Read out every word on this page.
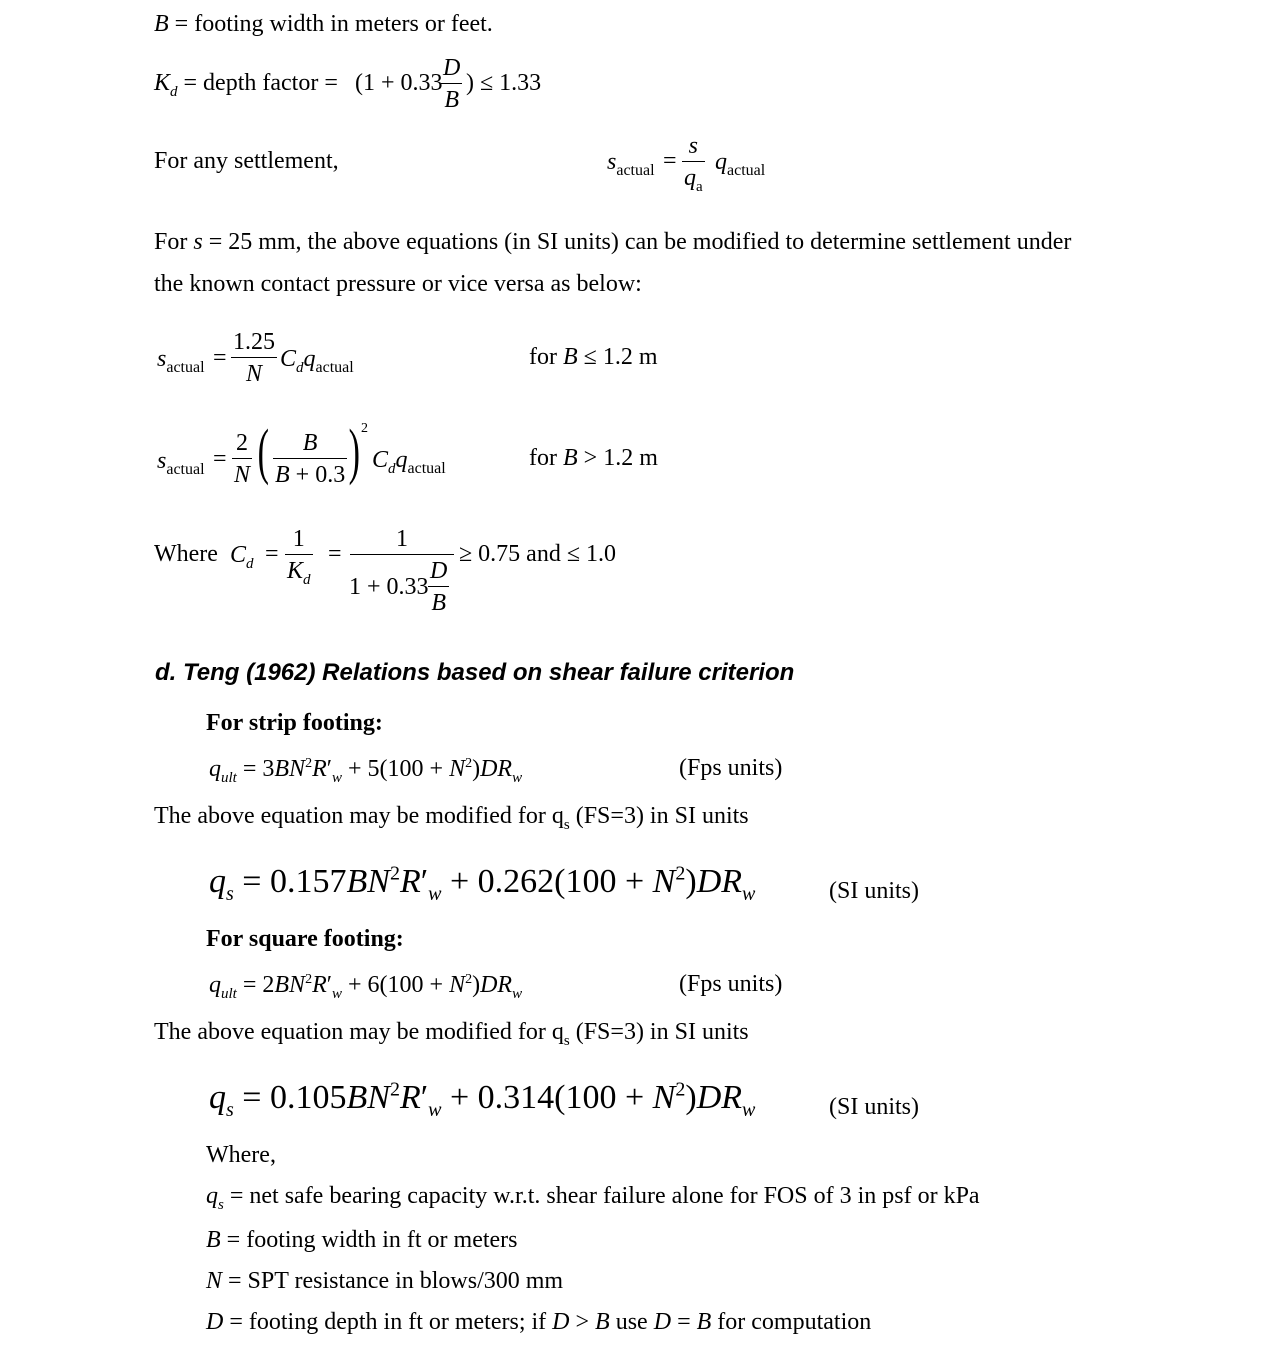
B = footing width in meters or feet.
$K_d$ = depth factor = (1 + 0.33
$\frac{D}{B}$ ) ≤ 1.33
For any settlement,	$s_{actual} = \frac{s}{q_a} q_{actual}$
For s = 25 mm, the above equations (in SI units) can be modified to determine settlement under
the known contact pressure or vice versa as below:
$s_{actual} = \frac{1.25}{N} C_dq_{actual}$	for B ≤ 1.2 m
$s_{actual} = \frac{2}{N}$ ( $\frac{B}{B + 0.3}$ ) 2
$C_dq_{actual}$	for B > 1.2 m
Where $C_d = \frac{1}{K_d}$ =
1
$1 + 0.33 \frac{D}{B}$
≥ 0.75 and ≤ 1.0
d. Teng (1962) Relations based on shear failure criterion
For strip footing:
$q_{ult} = 3BN^2R'_w + 5(100 + N^2)DR_w$	(Fps units)
The above equation may be modified for $q_s$ (FS=3) in SI units
$q_s = 0.157BN^2R'_w + 0.262(100 + N^2)DR_w$	(SI units)
For square footing:
$q_{ult} = 2BN^2R'_w + 6(100 + N^2)DR_w$	(Fps units)
The above equation may be modified for $q_s$ (FS=3) in SI units
$q_s = 0.105BN^2R'_w + 0.314(100 + N^2)DR_w$	(SI units)
Where,
$q_s$ = net safe bearing capacity w.r.t. shear failure alone for FOS of 3 in psf or kPa
B = footing width in ft or meters
N = SPT resistance in blows/300 mm
D = footing depth in ft or meters; if D > B use D = B for computation
